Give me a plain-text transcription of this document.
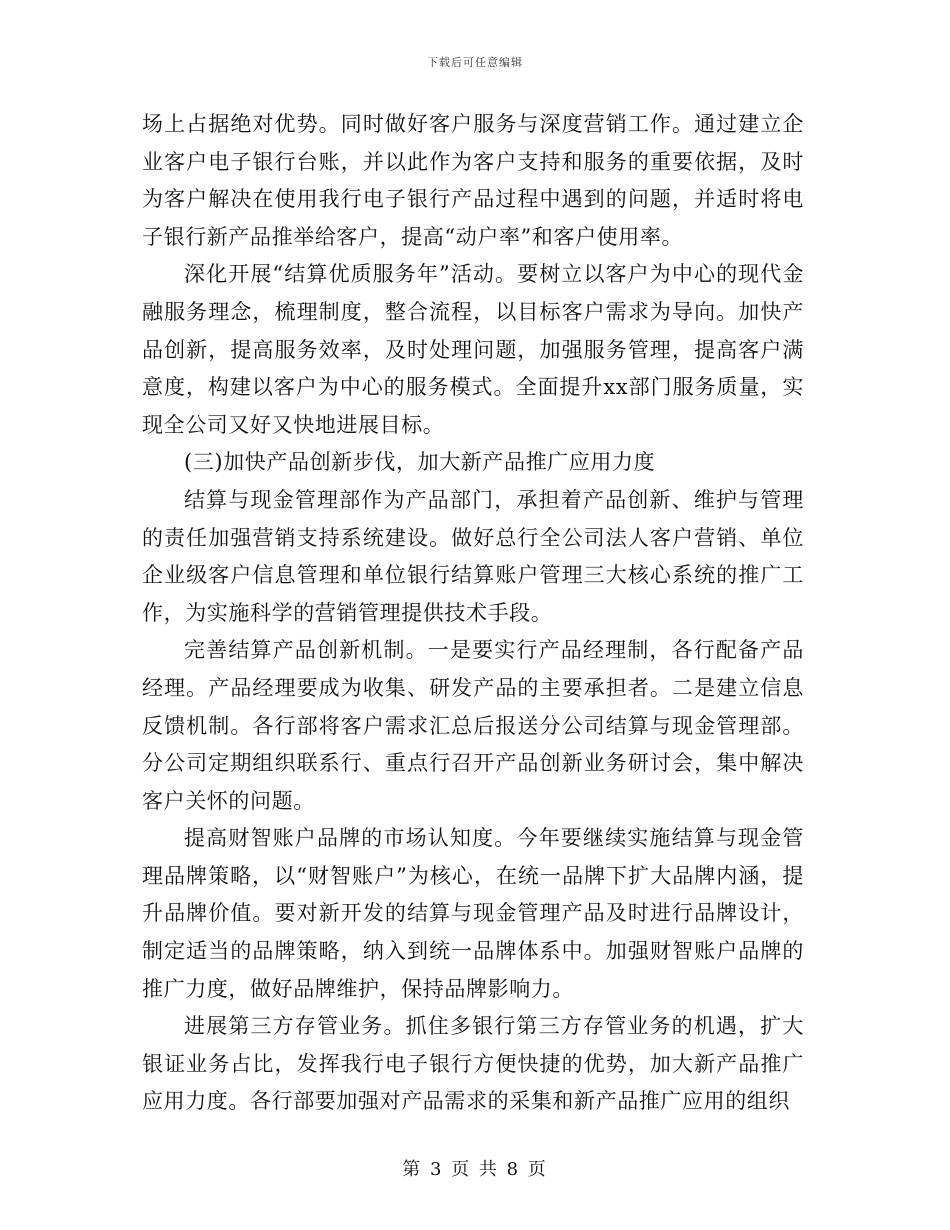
下载后可任意编辑

场上占据绝对优势。同时做好客户服务与深度营销工作。通过建立企业客户电子银行台账，并以此作为客户支持和服务的重要依据，及时为客户解决在使用我行电子银行产品过程中遇到的问题，并适时将电子银行新产品推举给客户，提高“动户率”和客户使用率。

深化开展“结算优质服务年”活动。要树立以客户为中心的现代金融服务理念，梳理制度，整合流程，以目标客户需求为导向。加快产品创新，提高服务效率，及时处理问题，加强服务管理，提高客户满意度，构建以客户为中心的服务模式。全面提升xx部门服务质量，实现全公司又好又快地进展目标。

(三)加快产品创新步伐，加大新产品推广应用力度

结算与现金管理部作为产品部门，承担着产品创新、维护与管理的责任加强营销支持系统建设。做好总行全公司法人客户营销、单位企业级客户信息管理和单位银行结算账户管理三大核心系统的推广工作，为实施科学的营销管理提供技术手段。

完善结算产品创新机制。一是要实行产品经理制，各行配备产品经理。产品经理要成为收集、研发产品的主要承担者。二是建立信息反馈机制。各行部将客户需求汇总后报送分公司结算与现金管理部。分公司定期组织联系行、重点行召开产品创新业务研讨会，集中解决客户关怀的问题。

提高财智账户品牌的市场认知度。今年要继续实施结算与现金管理品牌策略，以“财智账户”为核心，在统一品牌下扩大品牌内涵，提升品牌价值。要对新开发的结算与现金管理产品及时进行品牌设计，制定适当的品牌策略，纳入到统一品牌体系中。加强财智账户品牌的推广力度，做好品牌维护，保持品牌影响力。

进展第三方存管业务。抓住多银行第三方存管业务的机遇，扩大银证业务占比，发挥我行电子银行方便快捷的优势，加大新产品推广应用力度。各行部要加强对产品需求的采集和新产品推广应用的组织

第 3 页 共 8 页
